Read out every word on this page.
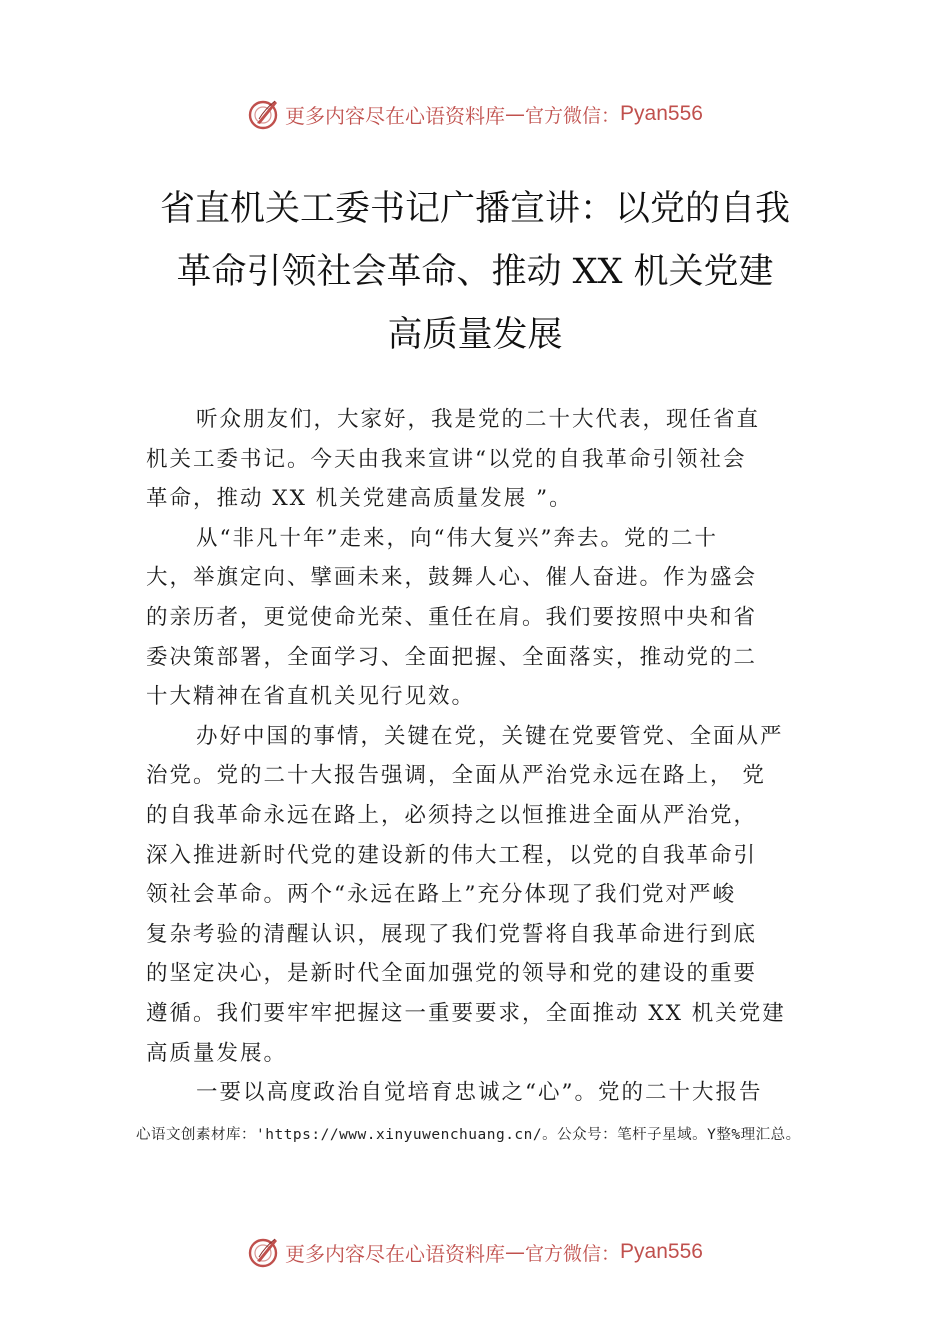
更多内容尽在心语资料库 — 官方微信： Pyan556
省直机关工委书记广播宣讲：以党的自我
革命引领社会革命、推动 XX 机关党建
高质量发展

听众朋友们，大家好，我是党的二十大代表，现任省直
机关工委书记。今天由我来宣讲“以党的自我革命引领社会
革命，推动 XX 机关党建高质量发展 ”。

从“非凡十年”走来，向“伟大复兴”奔去。党的二十
大，举旗定向、擘画未来，鼓舞人心、催人奋进。作为盛会
的亲历者，更觉使命光荣、重任在肩。我们要按照中央和省
委决策部署，全面学习、全面把握、全面落实，推动党的二
十大精神在省直机关见行见效。

办好中国的事情，关键在党，关键在党要管党、全面从严
治党。党的二十大报告强调，全面从严治党永远在路上， 党
的自我革命永远在路上，必须持之以恒推进全面从严治党，
深入推进新时代党的建设新的伟大工程，以党的自我革命引
领社会革命。两个“永远在路上”充分体现了我们党对严峻
复杂考验的清醒认识，展现了我们党誓将自我革命进行到底
的坚定决心，是新时代全面加强党的领导和党的建设的重要
遵循。我们要牢牢把握这一重要要求，全面推动 XX 机关党建
高质量发展。

一要以高度政治自觉培育忠诚之“心”。党的二十大报告

心语文创素材库：'https://www.xinyuwenchuang.cn/。公众号：笔杆子星域。Y整%理汇总。
更多内容尽在心语资料库 — 官方微信： Pyan556
